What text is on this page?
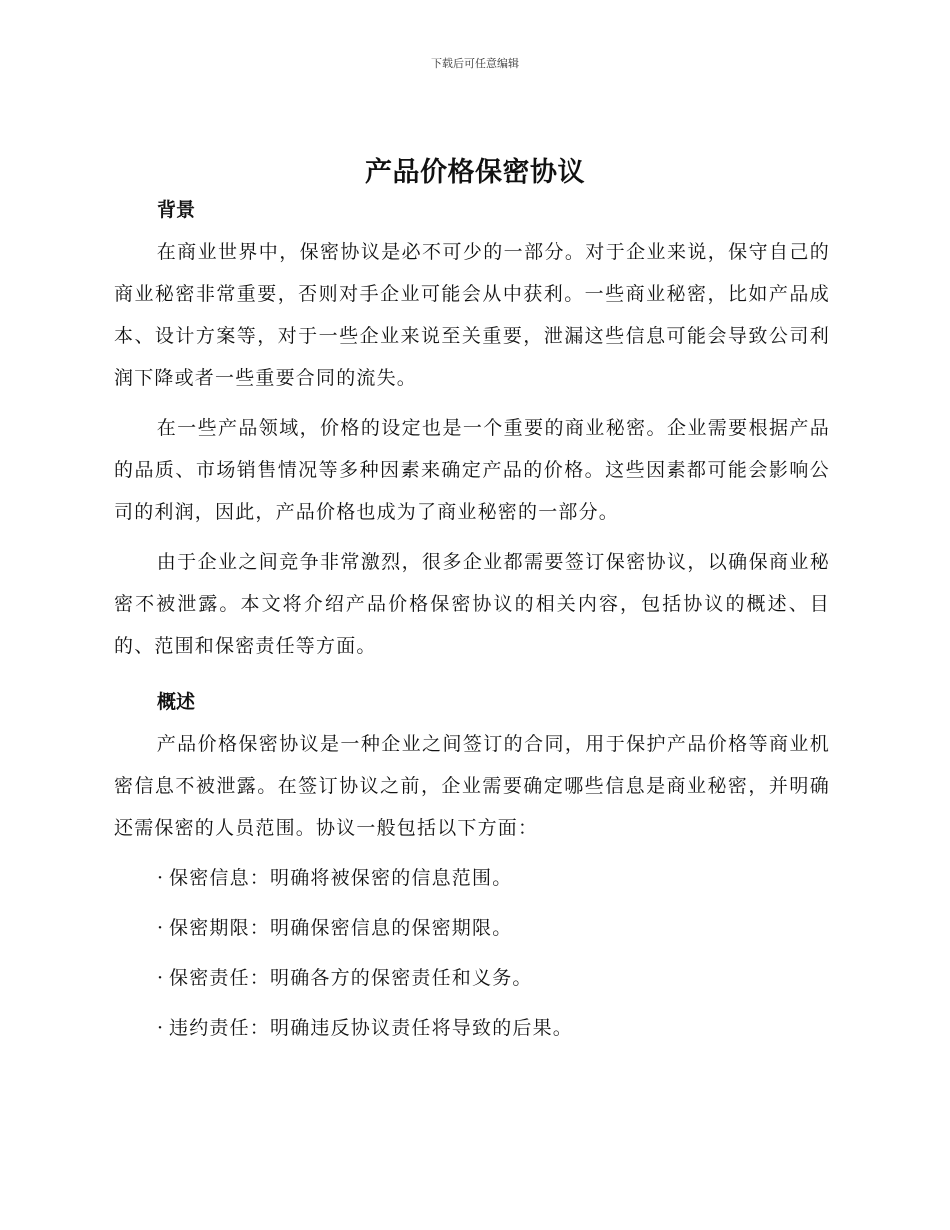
下载后可任意编辑
产品价格保密协议
背景

在商业世界中，保密协议是必不可少的一部分。对于企业来说，保守自己的商业秘密非常重要，否则对手企业可能会从中获利。一些商业秘密，比如产品成本、设计方案等，对于一些企业来说至关重要，泄漏这些信息可能会导致公司利润下降或者一些重要合同的流失。

在一些产品领域，价格的设定也是一个重要的商业秘密。企业需要根据产品的品质、市场销售情况等多种因素来确定产品的价格。这些因素都可能会影响公司的利润，因此，产品价格也成为了商业秘密的一部分。

由于企业之间竞争非常激烈，很多企业都需要签订保密协议，以确保商业秘密不被泄露。本文将介绍产品价格保密协议的相关内容，包括协议的概述、目的、范围和保密责任等方面。

概述

产品价格保密协议是一种企业之间签订的合同，用于保护产品价格等商业机密信息不被泄露。在签订协议之前，企业需要确定哪些信息是商业秘密，并明确还需保密的人员范围。协议一般包括以下方面：

· 保密信息：明确将被保密的信息范围。
· 保密期限：明确保密信息的保密期限。
· 保密责任：明确各方的保密责任和义务。
· 违约责任：明确违反协议责任将导致的后果。
